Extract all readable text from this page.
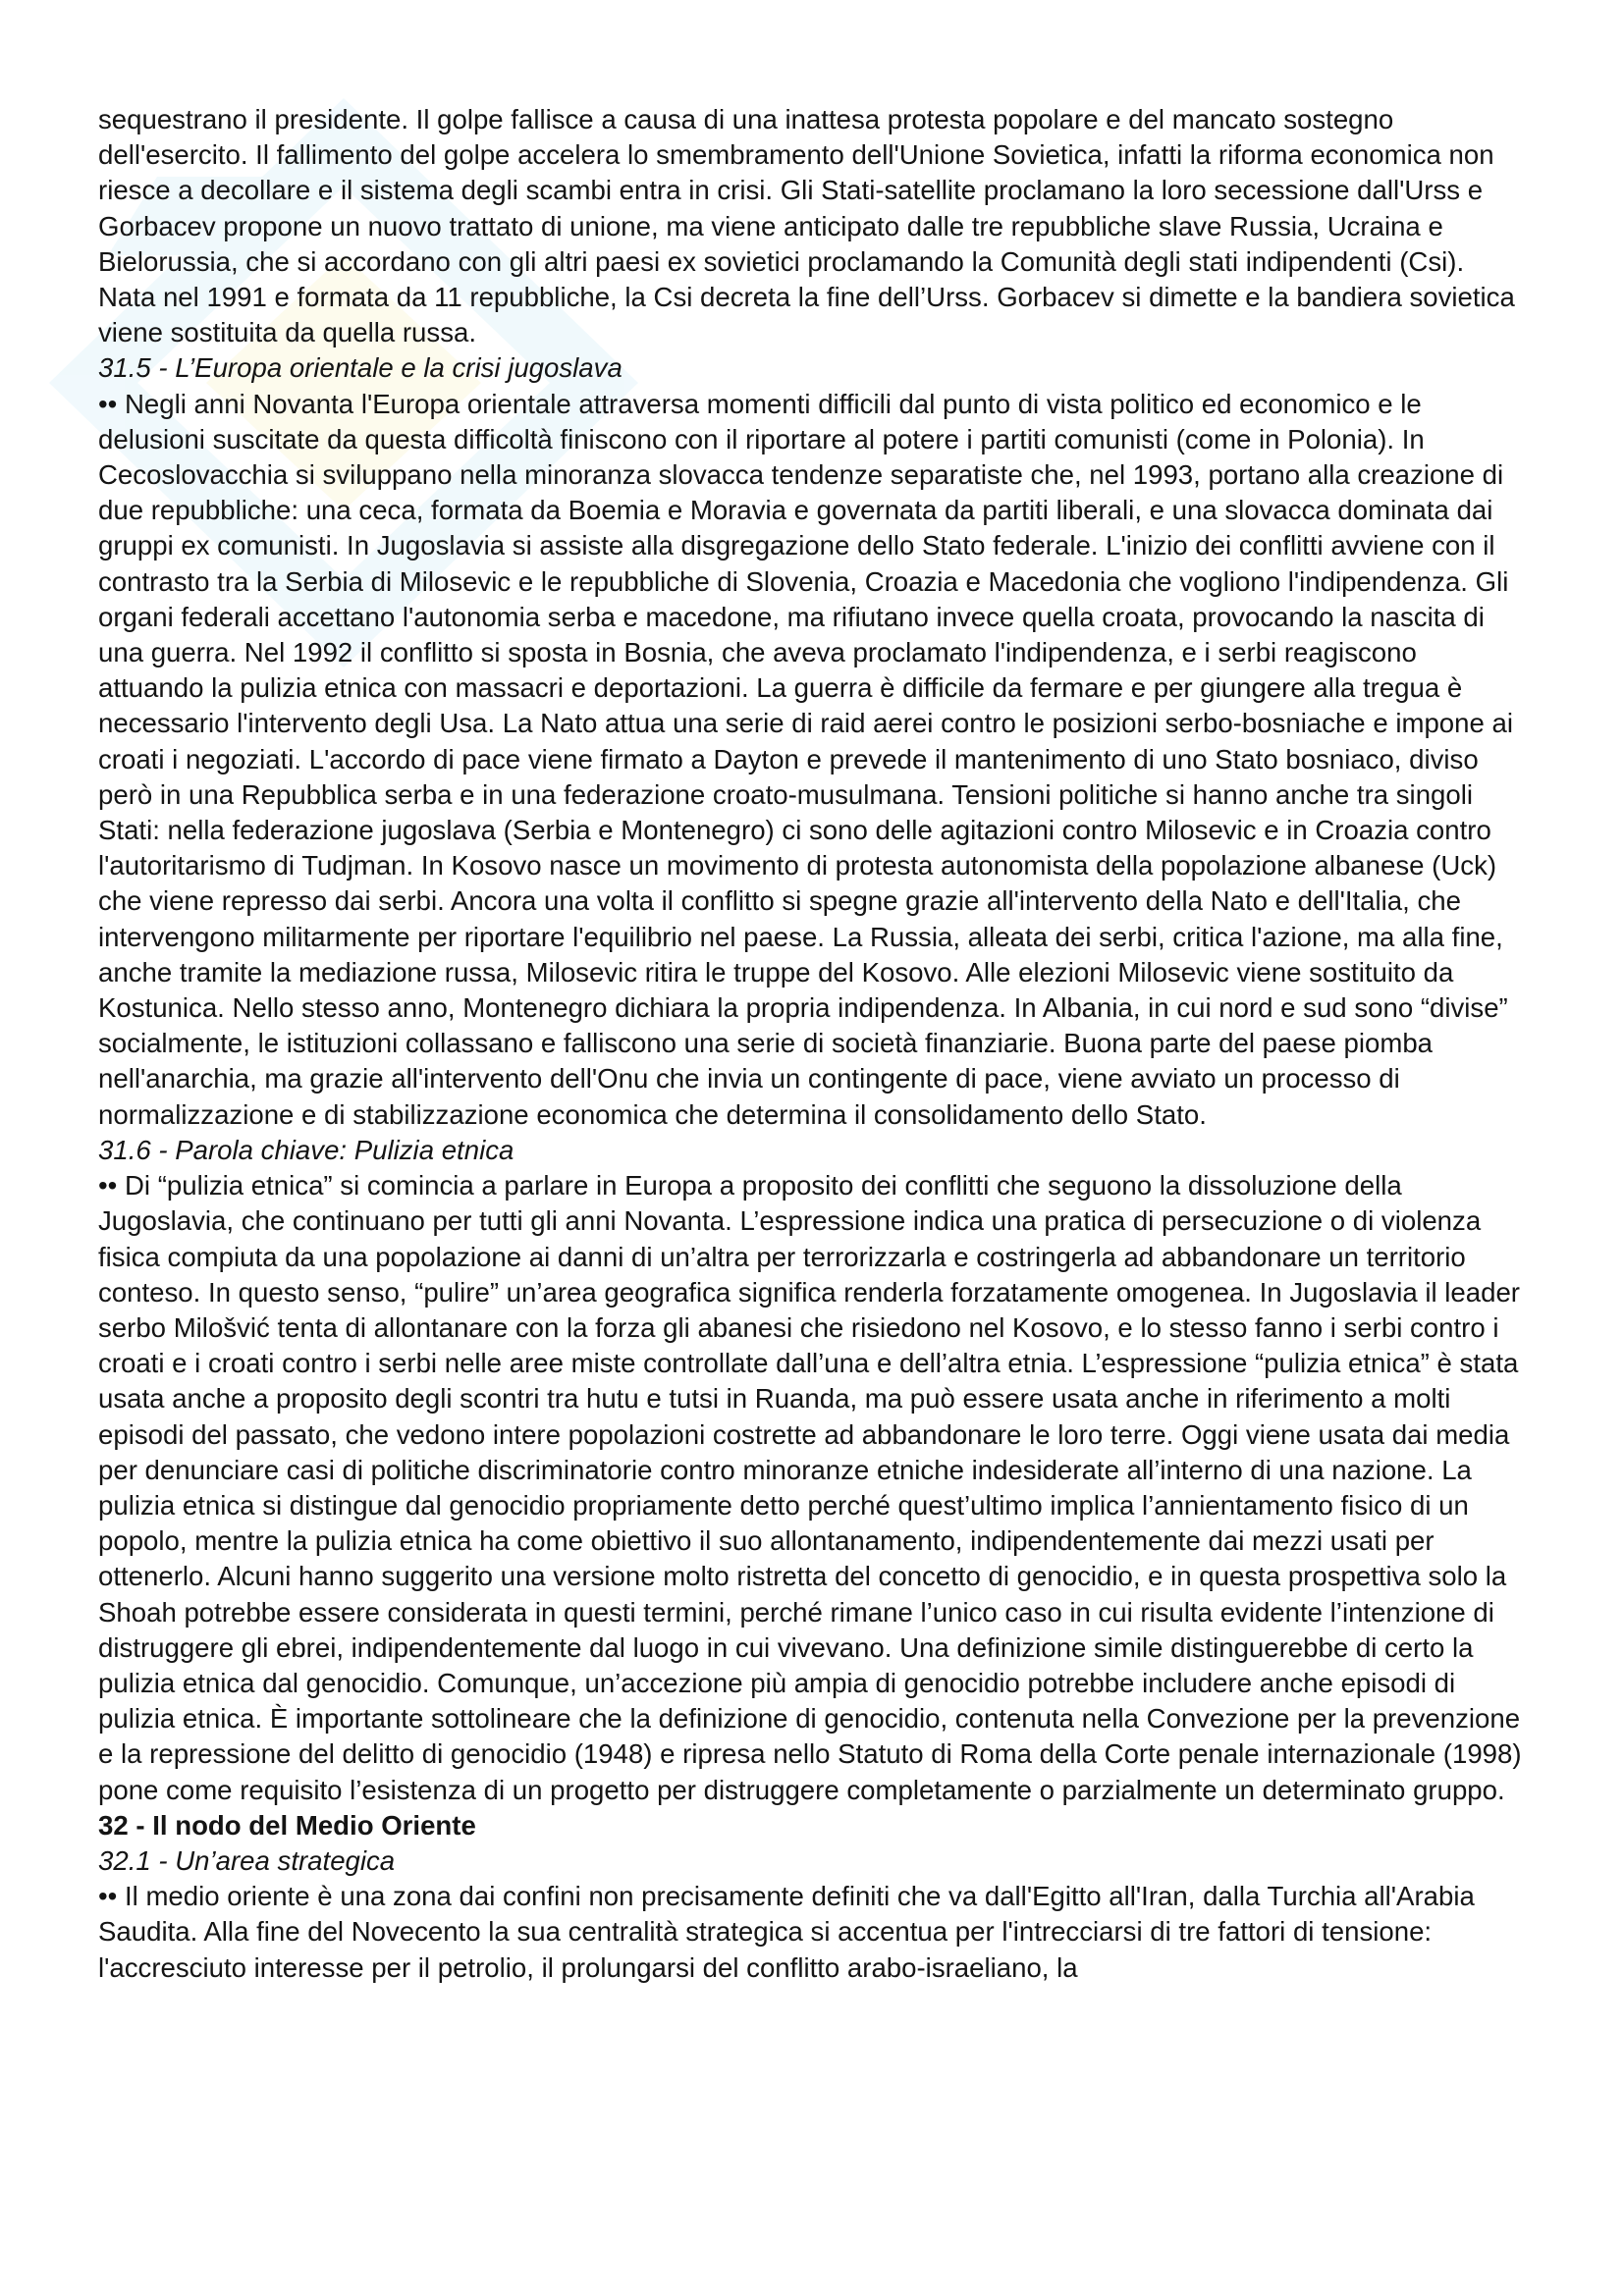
sequestrano il presidente. Il golpe fallisce a causa di una inattesa protesta popolare e del mancato sostegno dell'esercito. Il fallimento del golpe accelera lo smembramento dell'Unione Sovietica, infatti la riforma economica non riesce a decollare e il sistema degli scambi entra in crisi. Gli Stati-satellite proclamano la loro secessione dall'Urss e Gorbacev propone un nuovo trattato di unione, ma viene anticipato dalle tre repubbliche slave Russia, Ucraina e Bielorussia, che si accordano con gli altri paesi ex sovietici proclamando la Comunità degli stati indipendenti (Csi). Nata nel 1991 e formata da 11 repubbliche, la Csi decreta la fine dell’Urss. Gorbacev si dimette e la bandiera sovietica viene sostituita da quella russa.

31.5 - L’Europa orientale e la crisi jugoslava

•• Negli anni Novanta l'Europa orientale attraversa momenti difficili dal punto di vista politico ed economico e le delusioni suscitate da questa difficoltà finiscono con il riportare al potere i partiti comunisti (come in Polonia). In Cecoslovacchia si sviluppano nella minoranza slovacca tendenze separatiste che, nel 1993, portano alla creazione di due repubbliche: una ceca, formata da Boemia e Moravia e governata da partiti liberali, e una slovacca dominata dai gruppi ex comunisti. In Jugoslavia si assiste alla disgregazione dello Stato federale. L'inizio dei conflitti avviene con il contrasto tra la Serbia di Milosevic e le repubbliche di Slovenia, Croazia e Macedonia che vogliono l'indipendenza. Gli organi federali accettano l'autonomia serba e macedone, ma rifiutano invece quella croata, provocando la nascita di una guerra. Nel 1992 il conflitto si sposta in Bosnia, che aveva proclamato l'indipendenza, e i serbi reagiscono attuando la pulizia etnica con massacri e deportazioni. La guerra è difficile da fermare e per giungere alla tregua è necessario l'intervento degli Usa. La Nato attua una serie di raid aerei contro le posizioni serbo-bosniache e impone ai croati i negoziati. L'accordo di pace viene firmato a Dayton e prevede il mantenimento di uno Stato bosniaco, diviso però in una Repubblica serba e in una federazione croato-musulmana. Tensioni politiche si hanno anche tra singoli Stati: nella federazione jugoslava (Serbia e Montenegro) ci sono delle agitazioni contro Milosevic e in Croazia contro l'autoritarismo di Tudjman. In Kosovo nasce un movimento di protesta autonomista della popolazione albanese (Uck) che viene represso dai serbi. Ancora una volta il conflitto si spegne grazie all'intervento della Nato e dell'Italia, che intervengono militarmente per riportare l'equilibrio nel paese. La Russia, alleata dei serbi, critica l'azione, ma alla fine, anche tramite la mediazione russa, Milosevic ritira le truppe del Kosovo. Alle elezioni Milosevic viene sostituito da Kostunica. Nello stesso anno, Montenegro dichiara la propria indipendenza. In Albania, in cui nord e sud sono “divise” socialmente, le istituzioni collassano e falliscono una serie di società finanziarie. Buona parte del paese piomba nell'anarchia, ma grazie all'intervento dell'Onu che invia un contingente di pace, viene avviato un processo di normalizzazione e di stabilizzazione economica che determina il consolidamento dello Stato.

31.6 - Parola chiave: Pulizia etnica

•• Di “pulizia etnica” si comincia a parlare in Europa a proposito dei conflitti che seguono la dissoluzione della Jugoslavia, che continuano per tutti gli anni Novanta. L’espressione indica una pratica di persecuzione o di violenza fisica compiuta da una popolazione ai danni di un’altra per terrorizzarla e costringerla ad abbandonare un territorio conteso. In questo senso, “pulire” un’area geografica significa renderla forzatamente omogenea. In Jugoslavia il leader serbo Milošvić tenta di allontanare con la forza gli abanesi che risiedono nel Kosovo, e lo stesso fanno i serbi contro i croati e i croati contro i serbi nelle aree miste controllate dall’una e dell’altra etnia. L’espressione “pulizia etnica” è stata usata anche a proposito degli scontri tra hutu e tutsi in Ruanda, ma può essere usata anche in riferimento a molti episodi del passato, che vedono intere popolazioni costrette ad abbandonare le loro terre. Oggi viene usata dai media per denunciare casi di politiche discriminatorie contro minoranze etniche indesiderate all’interno di una nazione. La pulizia etnica si distingue dal genocidio propriamente detto perché quest’ultimo implica l’annientamento fisico di un popolo, mentre la pulizia etnica ha come obiettivo il suo allontanamento, indipendentemente dai mezzi usati per ottenerlo. Alcuni hanno suggerito una versione molto ristretta del concetto di genocidio, e in questa prospettiva solo la Shoah potrebbe essere considerata in questi termini, perché rimane l’unico caso in cui risulta evidente l’intenzione di distruggere gli ebrei, indipendentemente dal luogo in cui vivevano. Una definizione simile distinguerebbe di certo la pulizia etnica dal genocidio. Comunque, un’accezione più ampia di genocidio potrebbe includere anche episodi di pulizia etnica. È importante sottolineare che la definizione di genocidio, contenuta nella Convezione per la prevenzione e la repressione del delitto di genocidio (1948) e ripresa nello Statuto di Roma della Corte penale internazionale (1998) pone come requisito l’esistenza di un progetto per distruggere completamente o parzialmente un determinato gruppo.

32 - Il nodo del Medio Oriente

32.1 - Un’area strategica

•• Il medio oriente è una zona dai confini non precisamente definiti che va dall'Egitto all'Iran, dalla Turchia all'Arabia Saudita. Alla fine del Novecento la sua centralità strategica si accentua per l'intrecciarsi di tre fattori di tensione: l'accresciuto interesse per il petrolio, il prolungarsi del conflitto arabo-israeliano, la
